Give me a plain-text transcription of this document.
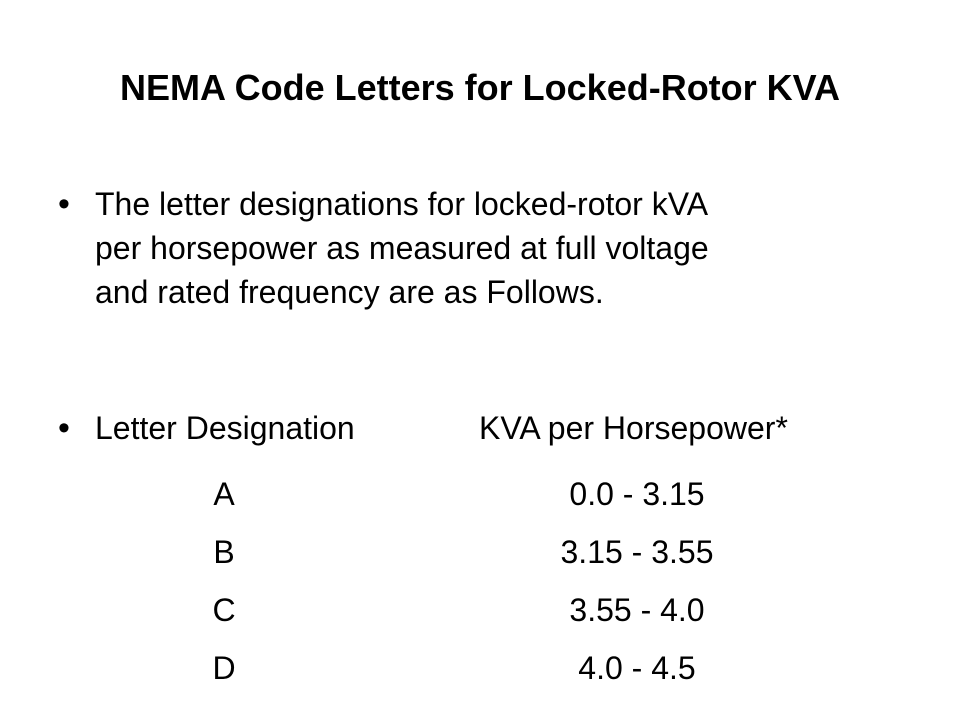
NEMA Code Letters for Locked-Rotor KVA
• The letter designations for locked-rotor kVA
per horsepower as measured at full voltage
and rated frequency are as Follows.
• Letter Designation	KVA per Horsepower*
A	0.0 - 3.15
B	3.15 - 3.55
C	3.55 - 4.0
D	4.0 - 4.5
